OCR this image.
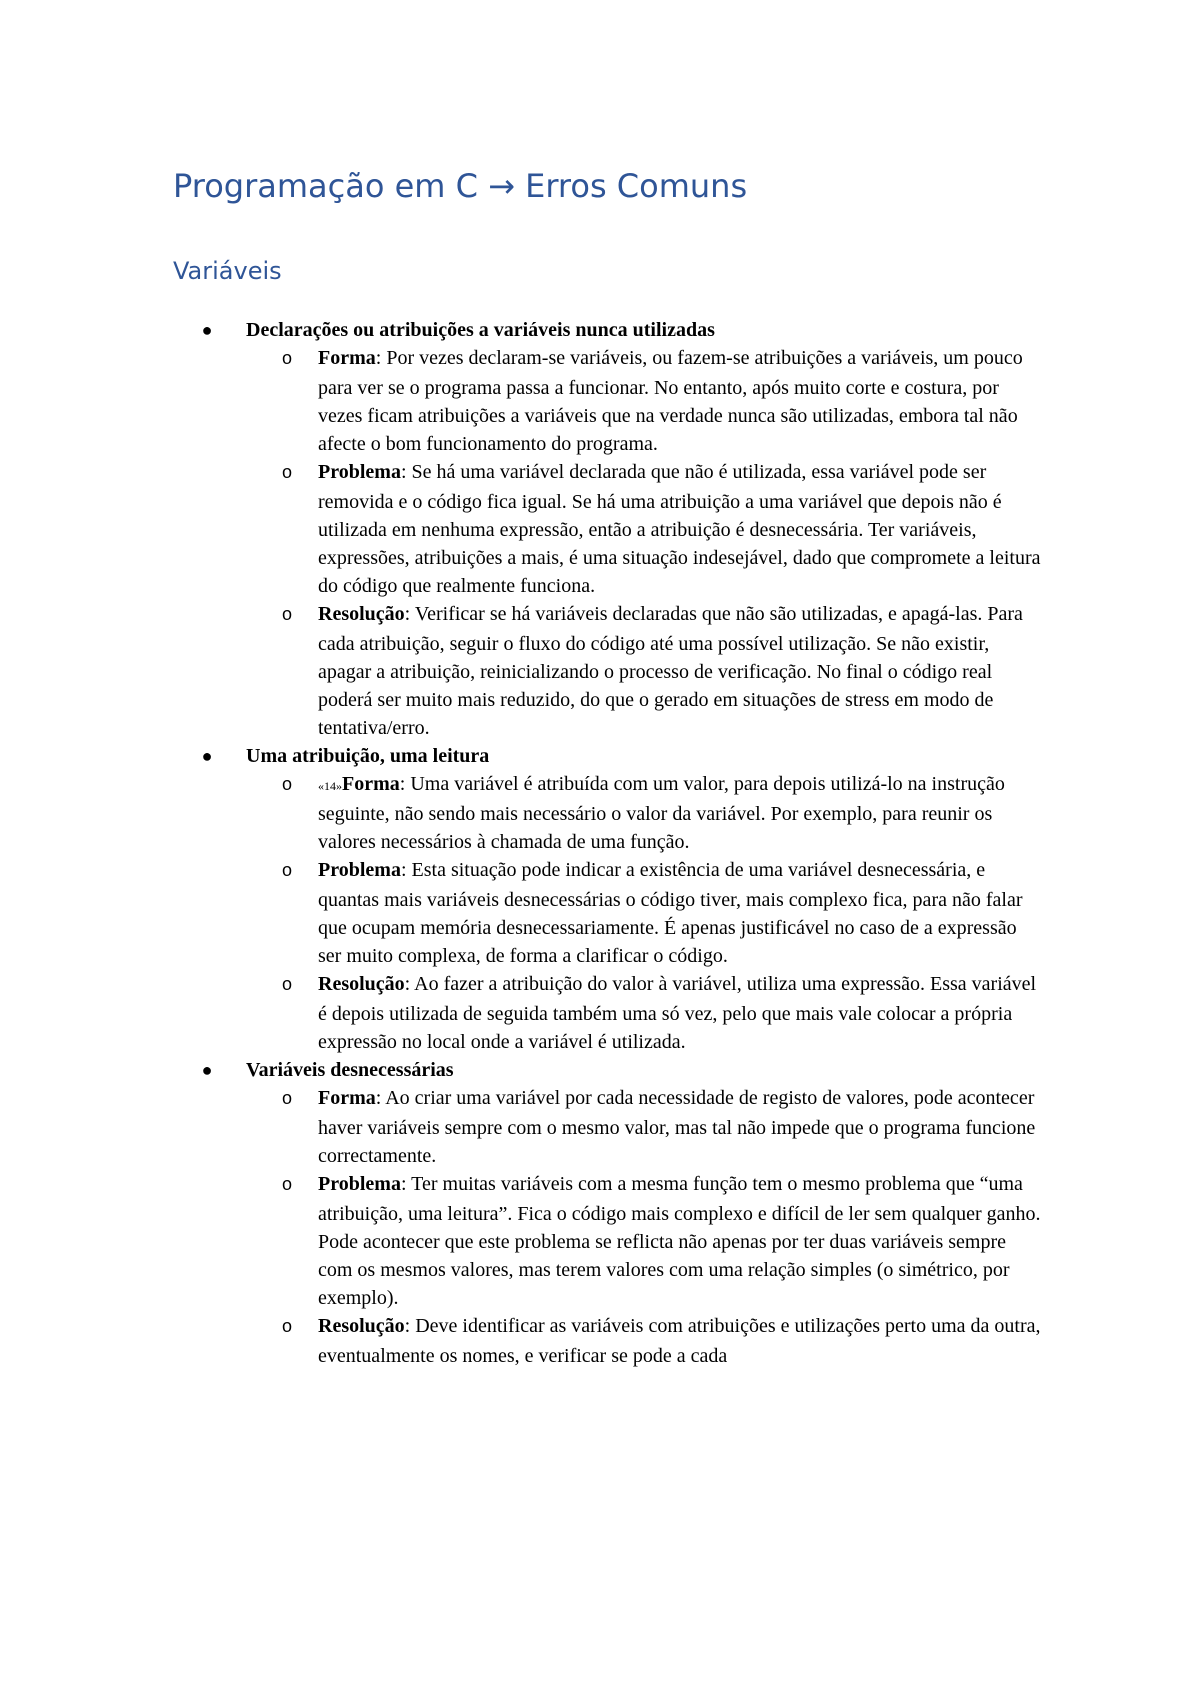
Programação em C → Erros Comuns
Variáveis
● Declarações ou atribuições a variáveis nunca utilizadas
o Forma: Por vezes declaram-se variáveis, ou fazem-se atribuições a variáveis, um pouco para ver se o programa passa a funcionar. No entanto, após muito corte e costura, por vezes ficam atribuições a variáveis que na verdade nunca são utilizadas, embora tal não afecte o bom funcionamento do programa.
o Problema: Se há uma variável declarada que não é utilizada, essa variável pode ser removida e o código fica igual. Se há uma atribuição a uma variável que depois não é utilizada em nenhuma expressão, então a atribuição é desnecessária. Ter variáveis, expressões, atribuições a mais, é uma situação indesejável, dado que compromete a leitura do código que realmente funciona.
o Resolução: Verificar se há variáveis declaradas que não são utilizadas, e apagá-las. Para cada atribuição, seguir o fluxo do código até uma possível utilização. Se não existir, apagar a atribuição, reinicializando o processo de verificação. No final o código real poderá ser muito mais reduzido, do que o gerado em situações de stress em modo de tentativa/erro.
● Uma atribuição, uma leitura
o «14»Forma: Uma variável é atribuída com um valor, para depois utilizá-lo na instrução seguinte, não sendo mais necessário o valor da variável. Por exemplo, para reunir os valores necessários à chamada de uma função.
o Problema: Esta situação pode indicar a existência de uma variável desnecessária, e quantas mais variáveis desnecessárias o código tiver, mais complexo fica, para não falar que ocupam memória desnecessariamente. É apenas justificável no caso de a expressão ser muito complexa, de forma a clarificar o código.
o Resolução: Ao fazer a atribuição do valor à variável, utiliza uma expressão. Essa variável é depois utilizada de seguida também uma só vez, pelo que mais vale colocar a própria expressão no local onde a variável é utilizada.
● Variáveis desnecessárias
o Forma: Ao criar uma variável por cada necessidade de registo de valores, pode acontecer haver variáveis sempre com o mesmo valor, mas tal não impede que o programa funcione correctamente.
o Problema: Ter muitas variáveis com a mesma função tem o mesmo problema que “uma atribuição, uma leitura”. Fica o código mais complexo e difícil de ler sem qualquer ganho. Pode acontecer que este problema se reflicta não apenas por ter duas variáveis sempre com os mesmos valores, mas terem valores com uma relação simples (o simétrico, por exemplo).
o Resolução: Deve identificar as variáveis com atribuições e utilizações perto uma da outra, eventualmente os nomes, e verificar se pode a cada
